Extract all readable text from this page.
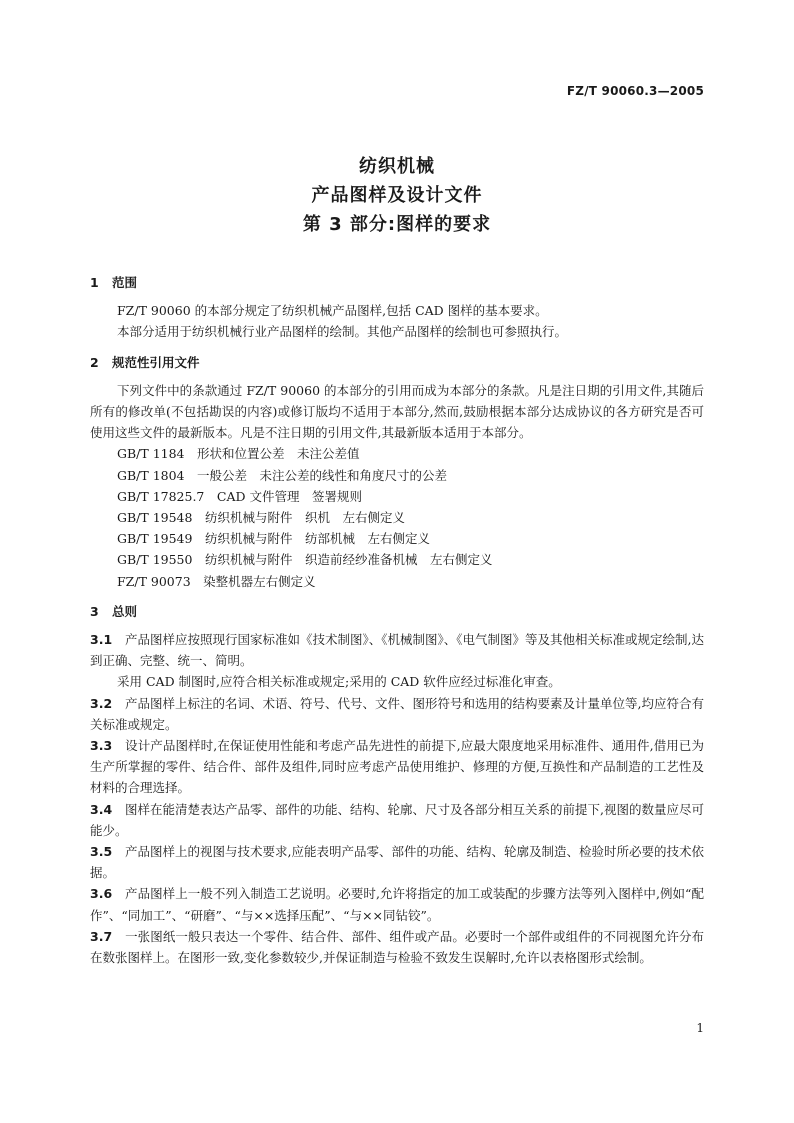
FZ/T 90060.3—2005
纺织机械
产品图样及设计文件
第 3 部分:图样的要求
1 范围
FZ/T 90060 的本部分规定了纺织机械产品图样,包括 CAD 图样的基本要求。
本部分适用于纺织机械行业产品图样的绘制。其他产品图样的绘制也可参照执行。
2 规范性引用文件
下列文件中的条款通过 FZ/T 90060 的本部分的引用而成为本部分的条款。凡是注日期的引用文件,其随后所有的修改单(不包括勘误的内容)或修订版均不适用于本部分,然而,鼓励根据本部分达成协议的各方研究是否可使用这些文件的最新版本。凡是不注日期的引用文件,其最新版本适用于本部分。
GB/T 1184　形状和位置公差　未注公差值
GB/T 1804　一般公差　未注公差的线性和角度尺寸的公差
GB/T 17825.7　CAD 文件管理　签署规则
GB/T 19548　纺织机械与附件　织机　左右侧定义
GB/T 19549　纺织机械与附件　纺部机械　左右侧定义
GB/T 19550　纺织机械与附件　织造前经纱准备机械　左右侧定义
FZ/T 90073　染整机器左右侧定义
3 总则
3.1 产品图样应按照现行国家标准如《技术制图》、《机械制图》、《电气制图》等及其他相关标准或规定绘制,达到正确、完整、统一、简明。
采用 CAD 制图时,应符合相关标准或规定;采用的 CAD 软件应经过标准化审查。
3.2 产品图样上标注的名词、术语、符号、代号、文件、图形符号和选用的结构要素及计量单位等,均应符合有关标准或规定。
3.3 设计产品图样时,在保证使用性能和考虑产品先进性的前提下,应最大限度地采用标准件、通用件,借用已为生产所掌握的零件、结合件、部件及组件,同时应考虑产品使用维护、修理的方便,互换性和产品制造的工艺性及材料的合理选择。
3.4 图样在能清楚表达产品零、部件的功能、结构、轮廓、尺寸及各部分相互关系的前提下,视图的数量应尽可能少。
3.5 产品图样上的视图与技术要求,应能表明产品零、部件的功能、结构、轮廓及制造、检验时所必要的技术依据。
3.6 产品图样上一般不列入制造工艺说明。必要时,允许将指定的加工或装配的步骤方法等列入图样中,例如“配作”、“同加工”、“研磨”、“与××选择压配”、“与××同钻铰”。
3.7 一张图纸一般只表达一个零件、结合件、部件、组件或产品。必要时一个部件或组件的不同视图允许分布在数张图样上。在图形一致,变化参数较少,并保证制造与检验不致发生误解时,允许以表格图形式绘制。
1
